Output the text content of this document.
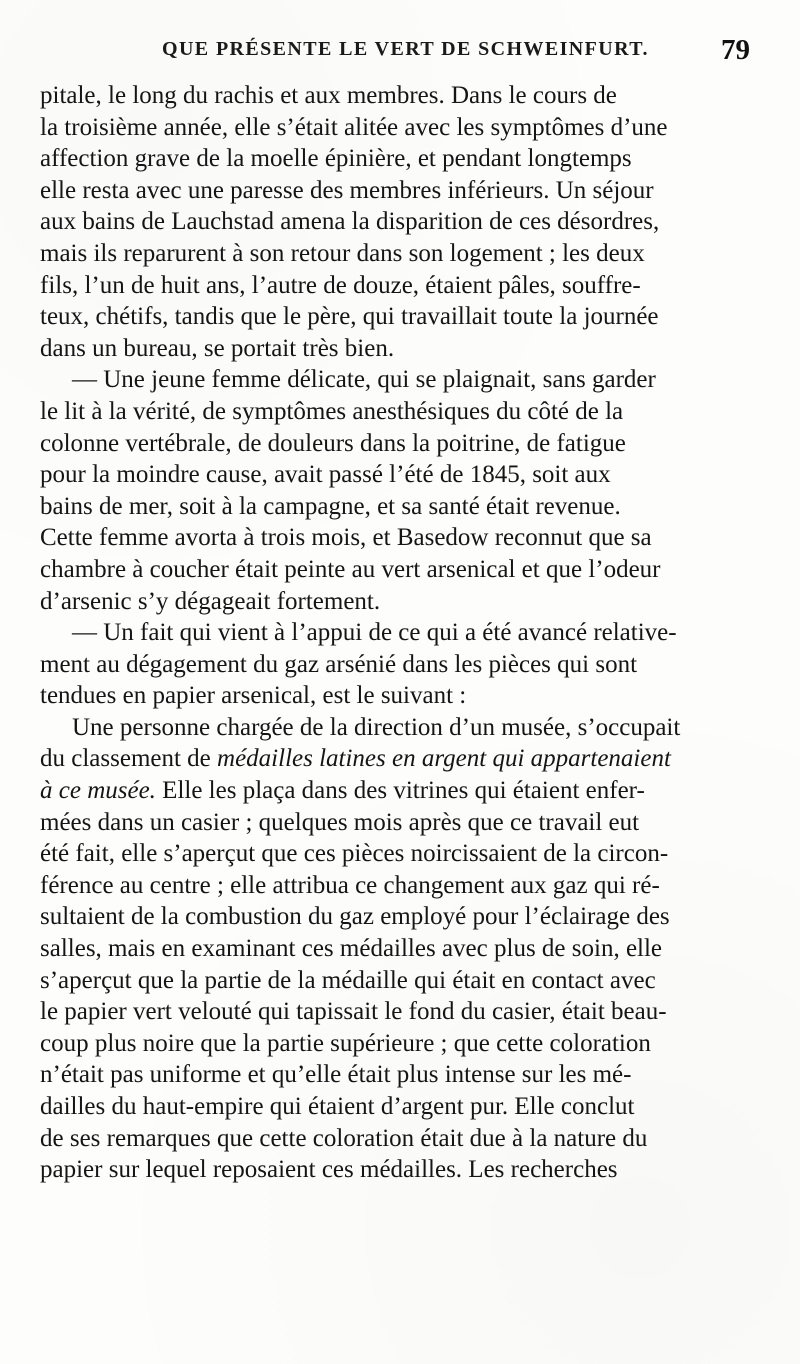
QUE PRÉSENTE LE VERT DE SCHWEINFURT. 79
pitale, le long du rachis et aux membres. Dans le cours de
la troisième année, elle s’était alitée avec les symptômes d’une
affection grave de la moelle épinière, et pendant longtemps
elle resta avec une paresse des membres inférieurs. Un séjour
aux bains de Lauchstad amena la disparition de ces désordres,
mais ils reparurent à son retour dans son logement ; les deux
fils, l’un de huit ans, l’autre de douze, étaient pâles, souffre-
teux, chétifs, tandis que le père, qui travaillait toute la journée
dans un bureau, se portait très bien.
— Une jeune femme délicate, qui se plaignait, sans garder
le lit à la vérité, de symptômes anesthésiques du côté de la
colonne vertébrale, de douleurs dans la poitrine, de fatigue
pour la moindre cause, avait passé l’été de 1845, soit aux
bains de mer, soit à la campagne, et sa santé était revenue.
Cette femme avorta à trois mois, et Basedow reconnut que sa
chambre à coucher était peinte au vert arsenical et que l’odeur
d’arsenic s’y dégageait fortement.
— Un fait qui vient à l’appui de ce qui a été avancé relative-
ment au dégagement du gaz arsénié dans les pièces qui sont
tendues en papier arsenical, est le suivant :
Une personne chargée de la direction d’un musée, s’occupait
du classement de médailles latines en argent qui appartenaient
à ce musée. Elle les plaça dans des vitrines qui étaient enfer-
mées dans un casier ; quelques mois après que ce travail eut
été fait, elle s’aperçut que ces pièces noircissaient de la circon-
férence au centre ; elle attribua ce changement aux gaz qui ré-
sultaient de la combustion du gaz employé pour l’éclairage des
salles, mais en examinant ces médailles avec plus de soin, elle
s’aperçut que la partie de la médaille qui était en contact avec
le papier vert velouté qui tapissait le fond du casier, était beau-
coup plus noire que la partie supérieure ; que cette coloration
n’était pas uniforme et qu’elle était plus intense sur les mé-
dailles du haut-empire qui étaient d’argent pur. Elle conclut
de ses remarques que cette coloration était due à la nature du
papier sur lequel reposaient ces médailles. Les recherches
